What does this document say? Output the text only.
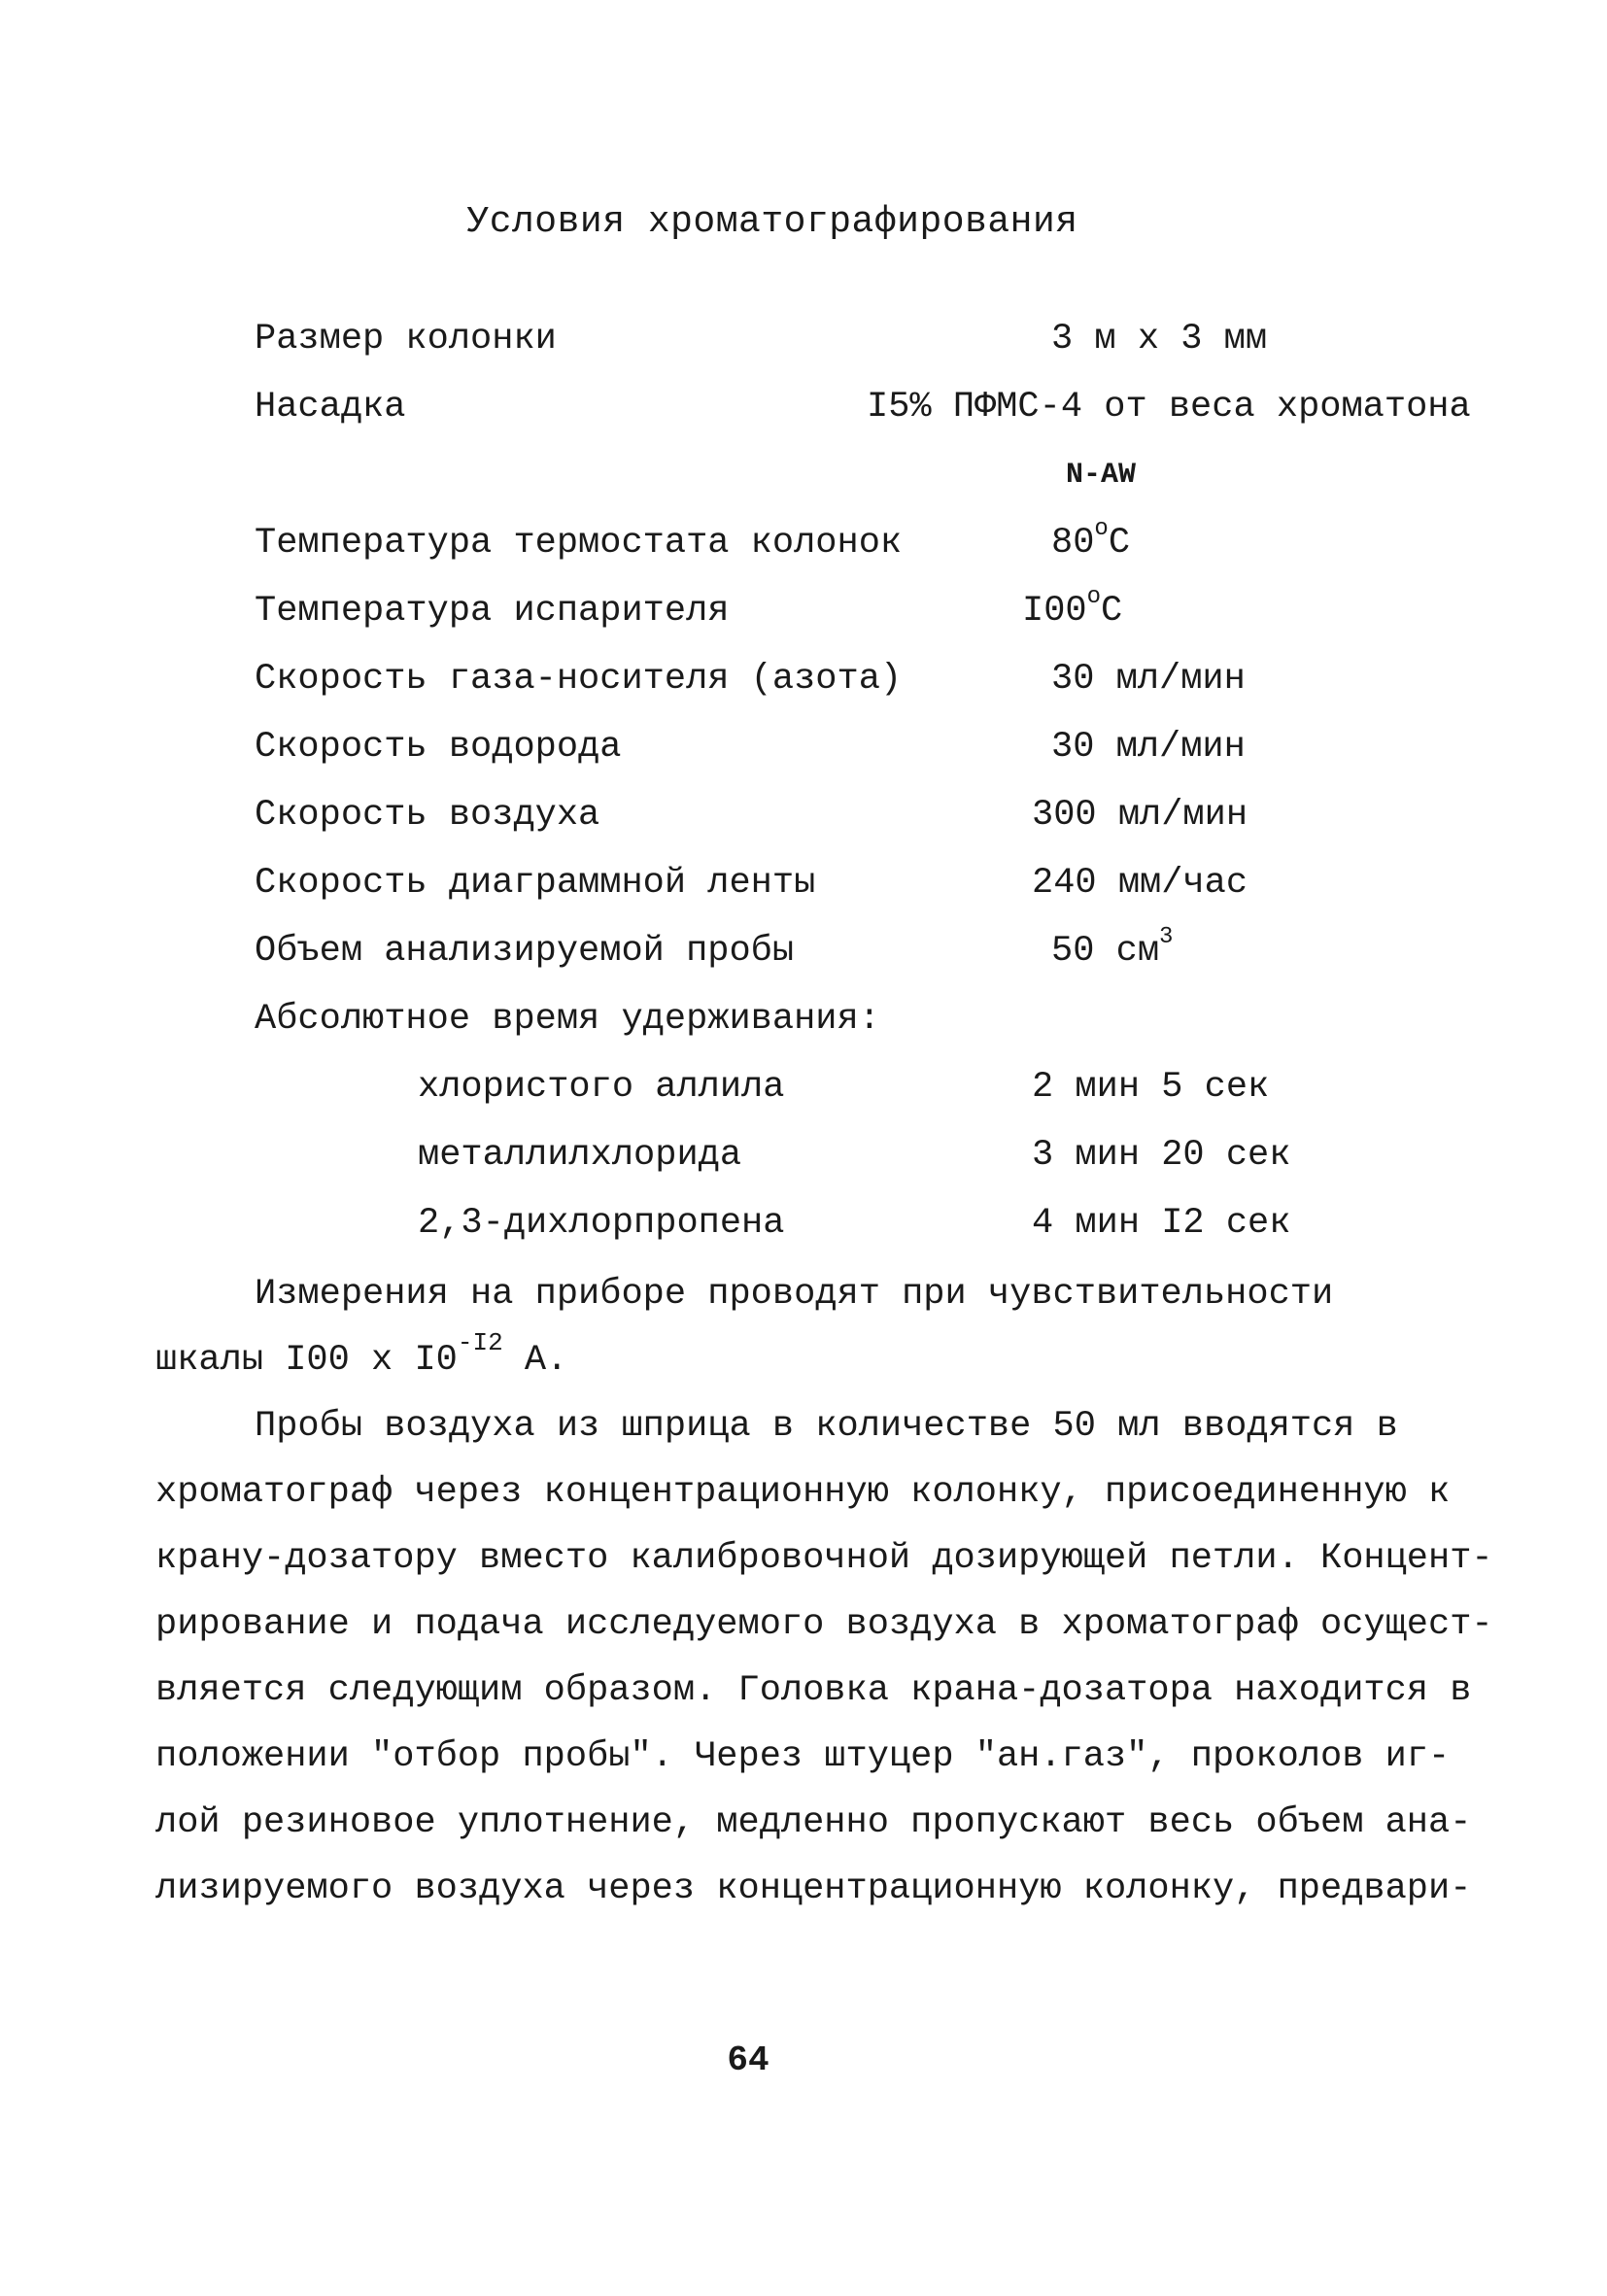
Условия хроматографирования
Размер колонки	3 м х 3 мм
Насадка	I5% ПФМС-4 от веса хроматона
N-AW
Температура термостата колонок	80$^o$C
Температура испарителя	I00$^o$C
Скорость газа-носителя (азота)	30 мл/мин
Скорость водорода	30 мл/мин
Скорость воздуха	300 мл/мин
Скорость диаграммной ленты	240 мм/час
Объем анализируемой пробы	50 $см^3$
Абсолютное время удерживания:
хлористого аллила	2 мин 5 сек
металлилхлорида	3 мин 20 сек
2,3-дихлорпропена	4 мин I2 сек
Измерения на приборе проводят при чувствительности шкалы I00 х $I0^{-I2}$ А.
Пробы воздуха из шприца в количестве 50 мл вводятся в
хроматограф через концентрационную колонку, присоединенную к
крану-дозатору вместо калибровочной дозирующей петли. Концент-
рирование и подача исследуемого воздуха в хроматограф осущест-
вляется следующим образом. Головка крана-дозатора находится в
положении "отбор пробы". Через штуцер "ан.газ", проколов иг-
лой резиновое уплотнение, медленно пропускают весь объем ана-
лизируемого воздуха через концентрационную колонку, предвари-
64
